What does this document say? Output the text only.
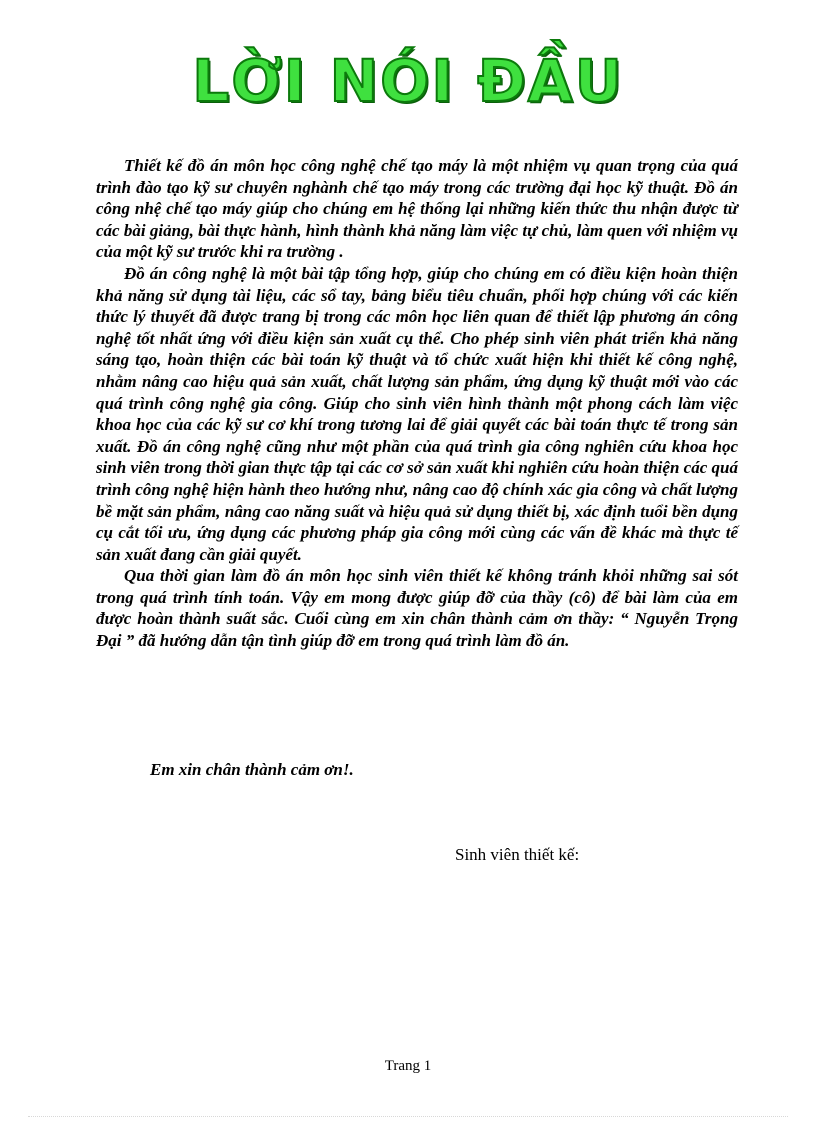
LỜI NÓI ĐẦU

Thiết kế đồ án môn học công nghệ chế tạo máy là một nhiệm vụ quan trọng của quá trình đào tạo kỹ sư chuyên nghành chế tạo máy trong các trường đại học kỹ thuật. Đồ án công nhệ chế tạo máy giúp cho chúng em hệ thống lại những kiến thức thu nhận được từ các bài giảng, bài thực hành, hình thành khả năng làm việc tự chủ, làm quen với nhiệm vụ của một kỹ sư trước khi ra trường .

Đồ án công nghệ là một bài tập tổng hợp, giúp cho chúng em có điều kiện hoàn thiện khả năng sử dụng tài liệu, các sổ tay, bảng biểu tiêu chuẩn, phối hợp chúng với các kiến thức lý thuyết đã được trang bị trong các môn học liên quan để thiết lập phương án công nghệ tốt nhất ứng với điều kiện sản xuất cụ thể. Cho phép sinh viên phát triển khả năng sáng tạo, hoàn thiện các bài toán kỹ thuật và tổ chức xuất hiện khi thiết kế công nghệ, nhằm nâng cao hiệu quả sản xuất, chất lượng sản phẩm, ứng dụng kỹ thuật mới vào các quá trình công nghệ gia công. Giúp cho sinh viên hình thành một phong cách làm việc khoa học của các kỹ sư cơ khí trong tương lai để giải quyết các bài toán thực tế trong sản xuất. Đồ án công nghệ cũng như một phần của quá trình gia công nghiên cứu khoa học sinh viên trong thời gian thực tập tại các cơ sở sản xuất khi nghiên cứu hoàn thiện các quá trình công nghệ hiện hành theo hướng như, nâng cao độ chính xác gia công và chất lượng bề mặt sản phẩm, nâng cao năng suất và hiệu quả sử dụng thiết bị, xác định tuổi bền dụng cụ cắt tối ưu, ứng dụng các phương pháp gia công mới cùng các vấn đề khác mà thực tế sản xuất đang cần giải quyết.

Qua thời gian làm đồ án môn học sinh viên thiết kế không tránh khỏi những sai sót trong quá trình tính toán. Vậy em mong được giúp đỡ của thầy (cô) để bài làm của em được hoàn thành suất sắc. Cuối cùng em xin chân thành cảm ơn thầy: “ Nguyễn Trọng Đại ” đã hướng dẫn tận tình giúp đỡ em trong quá trình làm đồ án.

Em xin chân thành cảm ơn!.
Sinh viên thiết kế:
Trang 1
